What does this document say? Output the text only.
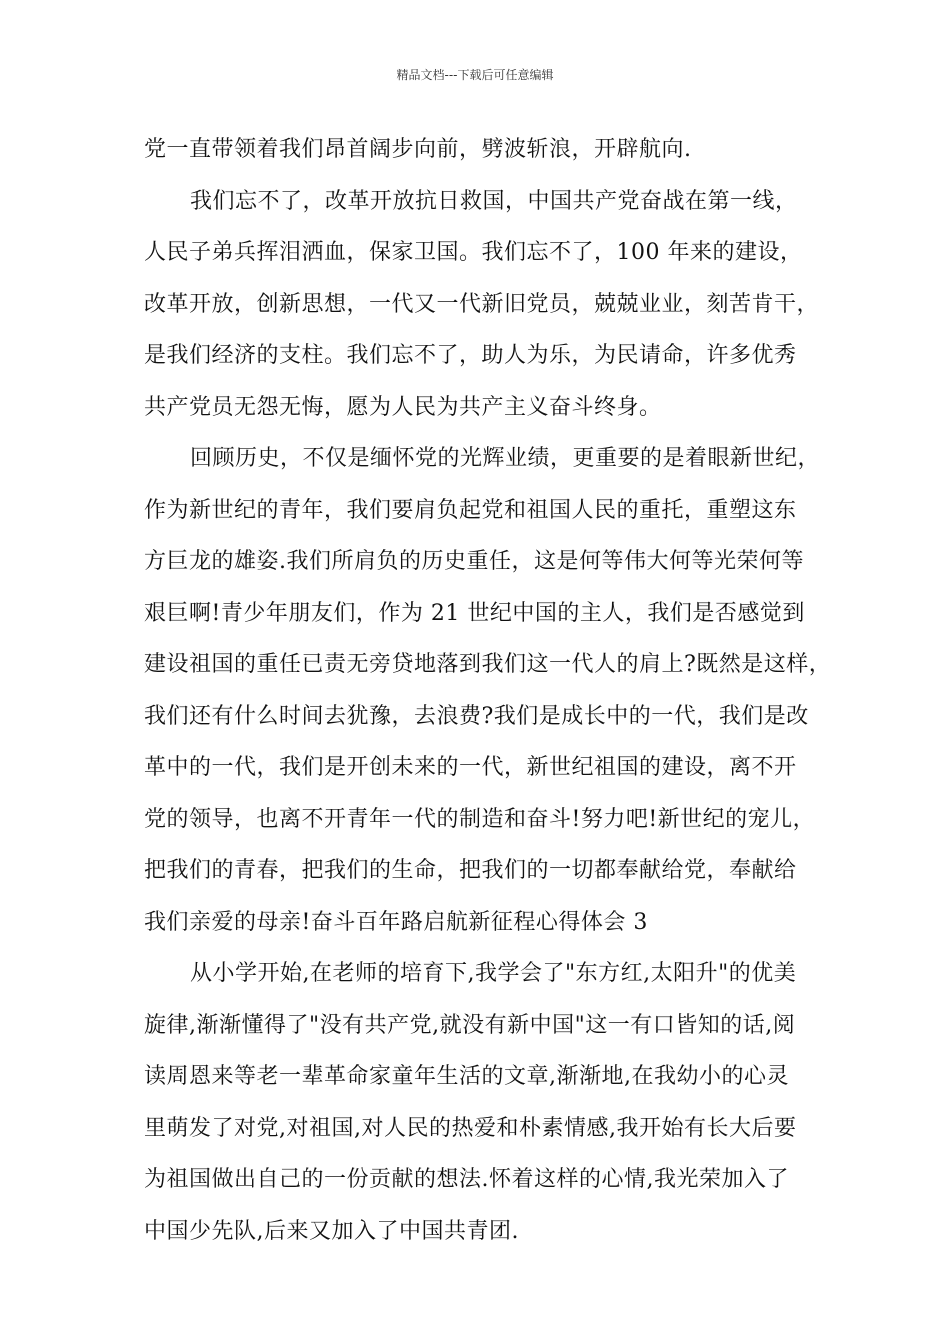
精品文档---下载后可任意编辑
党一直带领着我们昂首阔步向前，劈波斩浪，开辟航向.
我们忘不了，改革开放抗日救国，中国共产党奋战在第一线，
人民子弟兵挥泪洒血，保家卫国。我们忘不了，100 年来的建设，
改革开放，创新思想，一代又一代新旧党员，兢兢业业，刻苦肯干，
是我们经济的支柱。我们忘不了，助人为乐，为民请命，许多优秀
共产党员无怨无悔，愿为人民为共产主义奋斗终身。
回顾历史，不仅是缅怀党的光辉业绩，更重要的是着眼新世纪，
作为新世纪的青年，我们要肩负起党和祖国人民的重托，重塑这东
方巨龙的雄姿.我们所肩负的历史重任，这是何等伟大何等光荣何等
艰巨啊!青少年朋友们，作为 21 世纪中国的主人，我们是否感觉到
建设祖国的重任已责无旁贷地落到我们这一代人的肩上?既然是这样，
我们还有什么时间去犹豫，去浪费?我们是成长中的一代，我们是改
革中的一代，我们是开创未来的一代，新世纪祖国的建设，离不开
党的领导，也离不开青年一代的制造和奋斗!努力吧!新世纪的宠儿，
把我们的青春，把我们的生命，把我们的一切都奉献给党，奉献给
我们亲爱的母亲!奋斗百年路启航新征程心得体会 3
从小学开始,在老师的培育下,我学会了"东方红,太阳升"的优美
旋律,渐渐懂得了"没有共产党,就没有新中国"这一有口皆知的话,阅
读周恩来等老一辈革命家童年生活的文章,渐渐地,在我幼小的心灵
里萌发了对党,对祖国,对人民的热爱和朴素情感,我开始有长大后要
为祖国做出自己的一份贡献的想法.怀着这样的心情,我光荣加入了
中国少先队,后来又加入了中国共青团.
